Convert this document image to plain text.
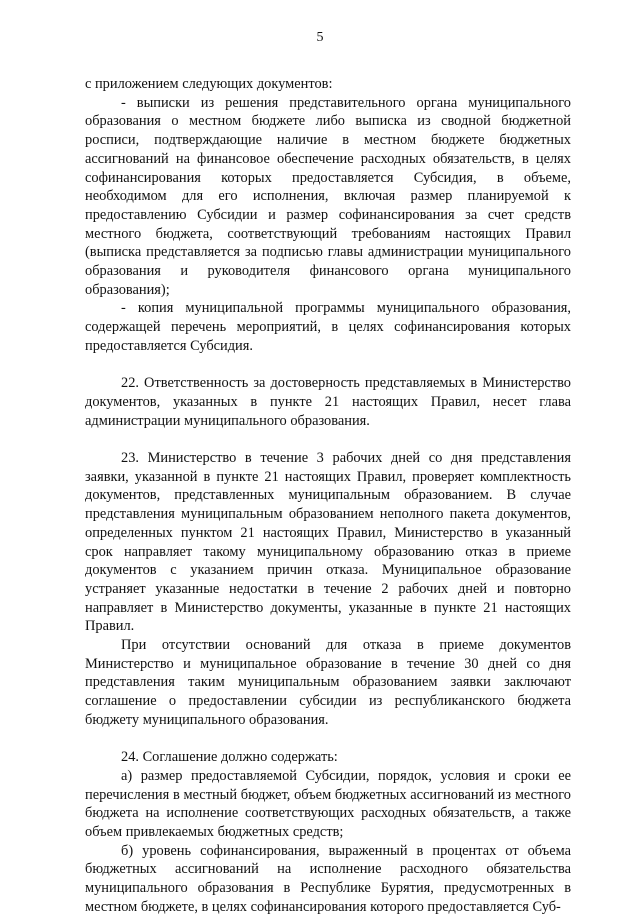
5

с приложением следующих документов:

- выписки из решения представительного органа муниципального образования о местном бюджете либо выписка из сводной бюджетной росписи, подтверждающие наличие в местном бюджете бюджетных ассигнований на финансовое обеспечение расходных обязательств, в целях софинансирования которых предоставляется Субсидия, в объеме, необходимом для его исполнения, включая размер планируемой к предоставлению Субсидии и размер софинансирования за счет средств местного бюджета, соответствующий требованиям настоящих Правил (выписка представляется за подписью главы администрации муниципального образования и руководителя финансового органа муниципального образования);

- копия муниципальной программы муниципального образования, содержащей перечень мероприятий, в целях софинансирования которых предоставляется Субсидия.

22. Ответственность за достоверность представляемых в Министерство документов, указанных в пункте 21 настоящих Правил, несет глава администрации муниципального образования.

23. Министерство в течение 3 рабочих дней со дня представления заявки, указанной в пункте 21 настоящих Правил, проверяет комплектность документов, представленных муниципальным образованием. В случае представления муниципальным образованием неполного пакета документов, определенных пунктом 21 настоящих Правил, Министерство в указанный срок направляет такому муниципальному образованию отказ в приеме документов с указанием причин отказа. Муниципальное образование устраняет указанные недостатки в течение 2 рабочих дней и повторно направляет в Министерство документы, указанные в пункте 21 настоящих Правил.

При отсутствии оснований для отказа в приеме документов Министерство и муниципальное образование в течение 30 дней со дня представления таким муниципальным образованием заявки заключают соглашение о предоставлении субсидии из республиканского бюджета бюджету муниципального образования.

24. Соглашение должно содержать:

а) размер предоставляемой Субсидии, порядок, условия и сроки ее перечисления в местный бюджет, объем бюджетных ассигнований из местного бюджета на исполнение соответствующих расходных обязательств, а также объем привлекаемых бюджетных средств;

б) уровень софинансирования, выраженный в процентах от объема бюджетных ассигнований на исполнение расходного обязательства муниципального образования в Республике Бурятия, предусмотренных в местном бюджете, в целях софинансирования которого предоставляется Суб-
